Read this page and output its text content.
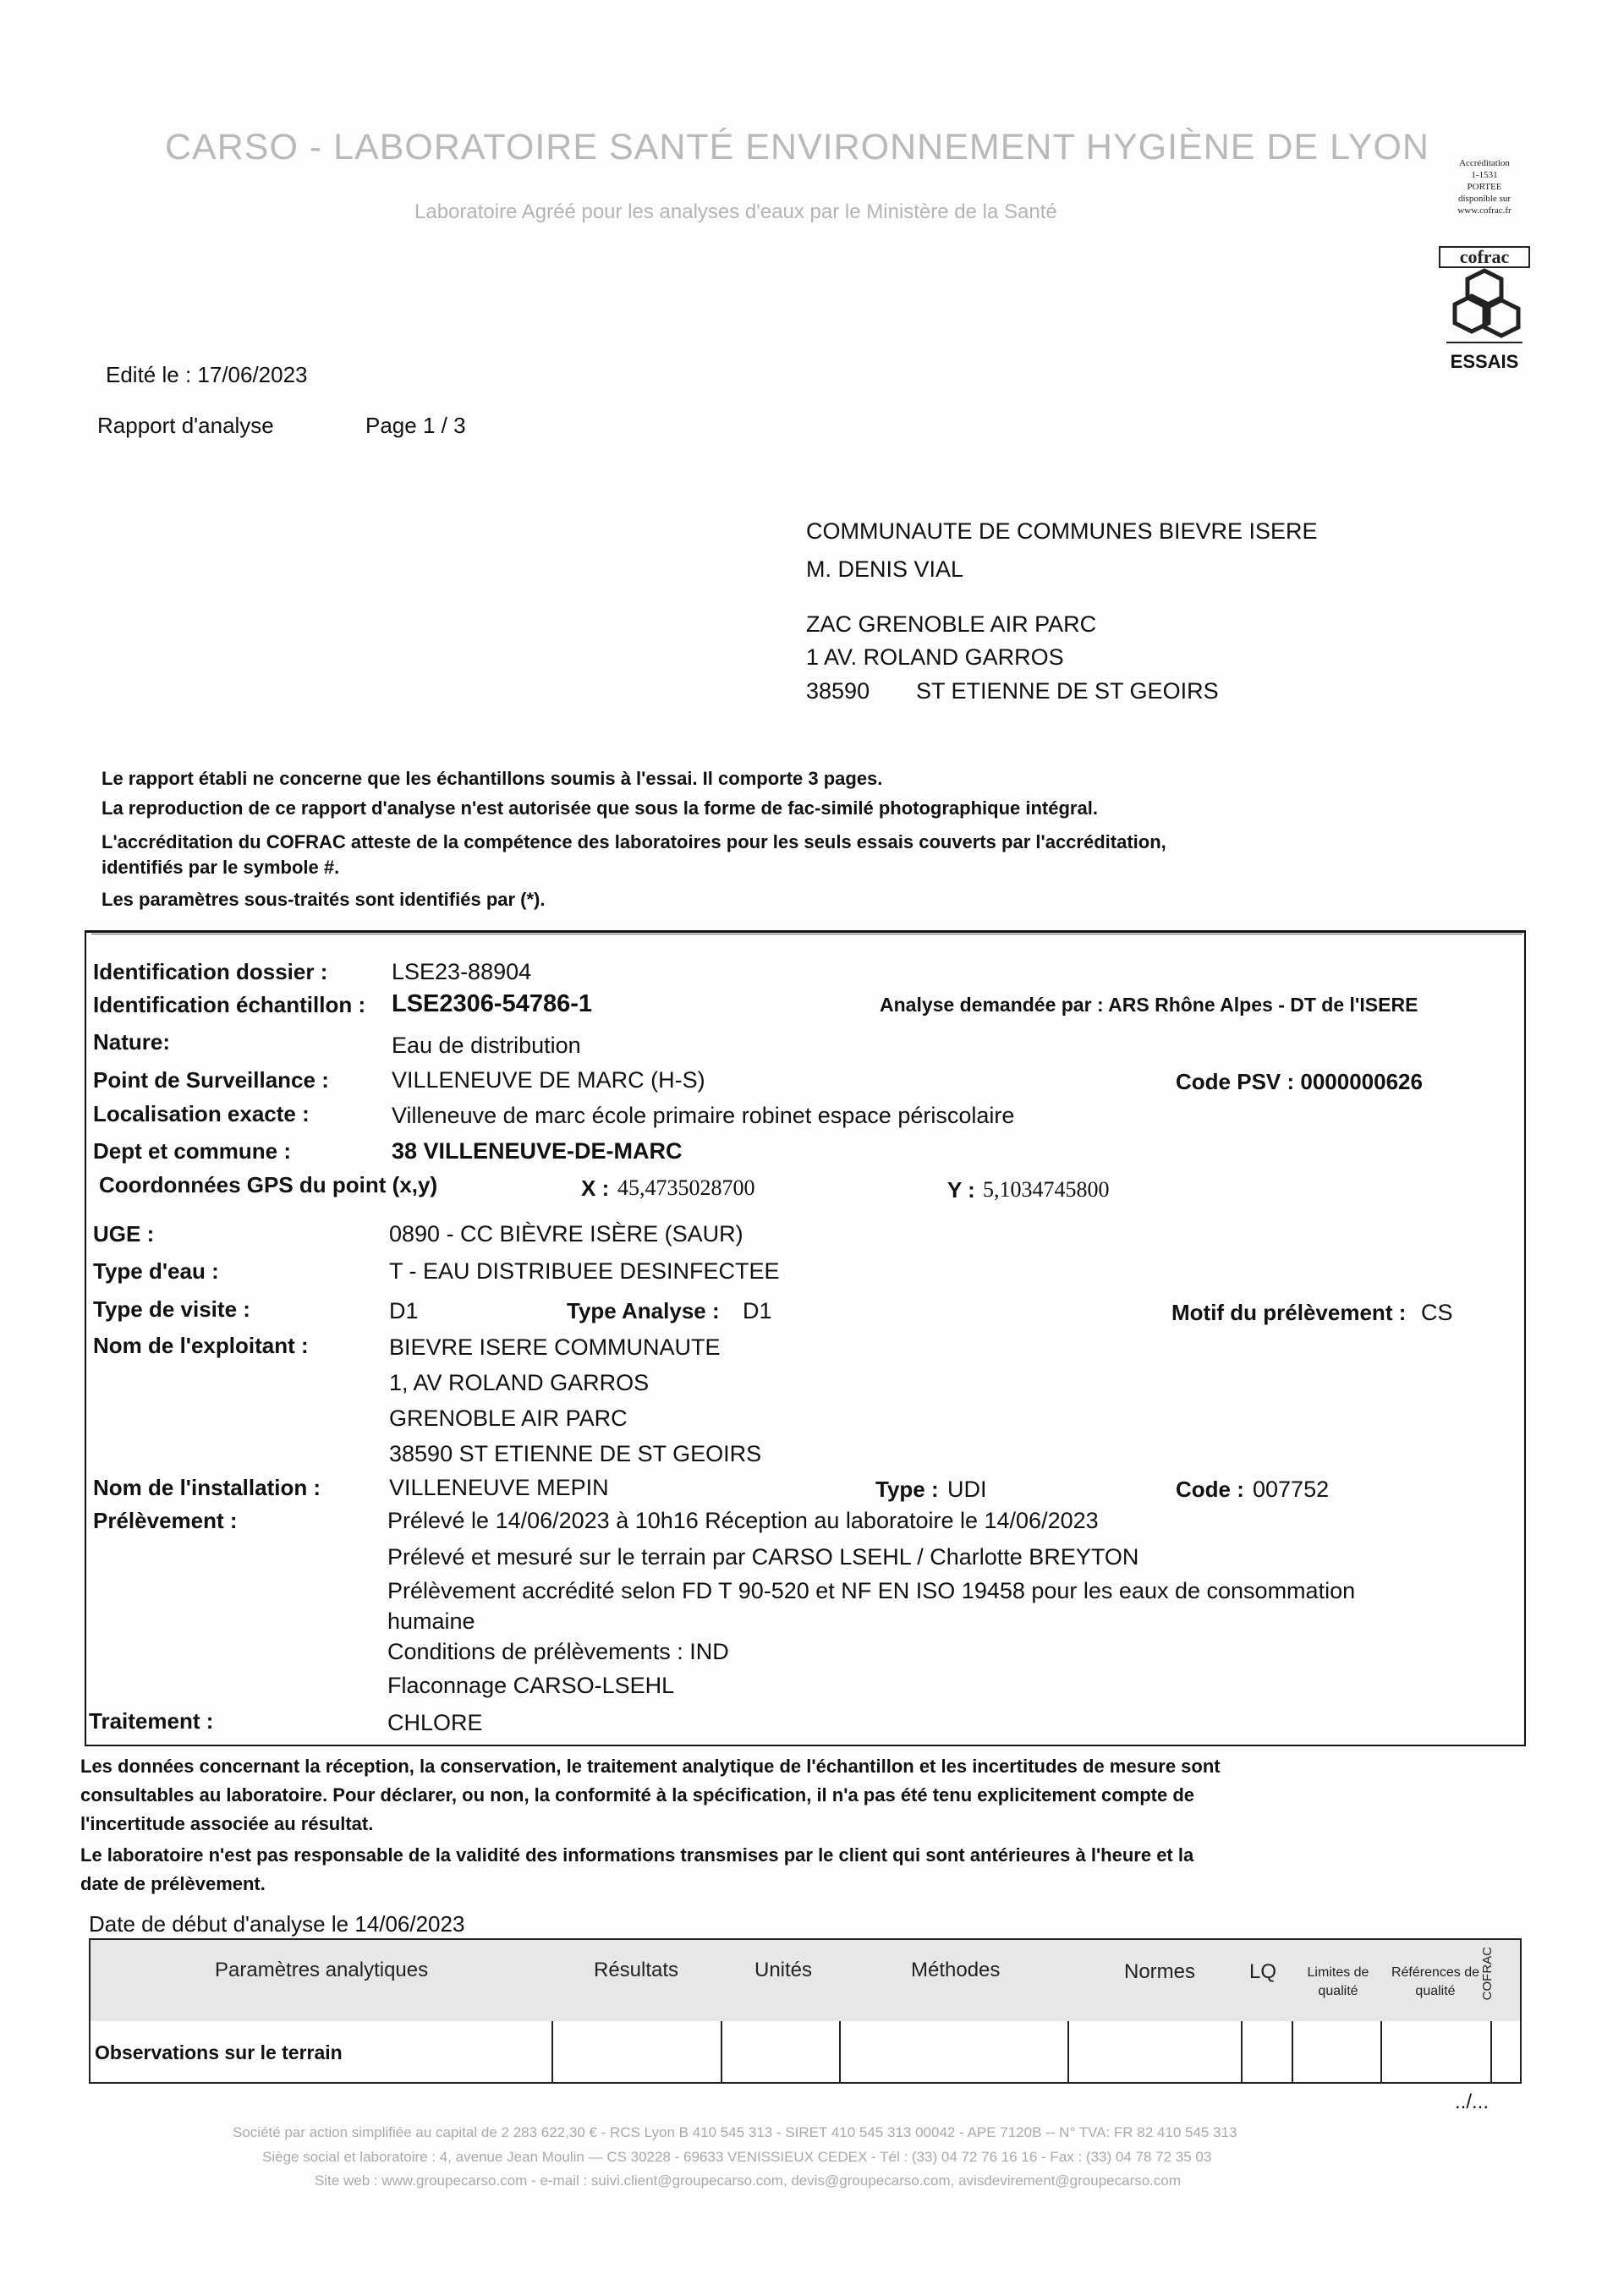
CARSO - LABORATOIRE SANTÉ ENVIRONNEMENT HYGIÈNE DE LYON
Laboratoire Agréé pour les analyses d'eaux par le Ministère de la Santé
Accréditation
1-1531
PORTEE
disponible sur
www.cofrac.fr
cofrac
ESSAIS
Edité le : 17/06/2023
Rapport d'analyse	Page 1 / 3
COMMUNAUTE DE COMMUNES BIEVRE ISERE
M. DENIS VIAL
ZAC GRENOBLE AIR PARC
1 AV. ROLAND GARROS
38590 ST ETIENNE DE ST GEOIRS
Le rapport établi ne concerne que les échantillons soumis à l'essai. Il comporte 3 pages.
La reproduction de ce rapport d'analyse n'est autorisée que sous la forme de fac-similé photographique intégral.
L'accréditation du COFRAC atteste de la compétence des laboratoires pour les seuls essais couverts par l'accréditation,
identifiés par le symbole #.
Les paramètres sous-traités sont identifiés par (*).
Identification dossier :	LSE23-88904
Identification échantillon : LSE2306-54786-1	Analyse demandée par : ARS Rhône Alpes - DT de l'ISERE
Nature:	Eau de distribution
Point de Surveillance :	VILLENEUVE DE MARC (H-S)	Code PSV : 0000000626
Localisation exacte :	Villeneuve de marc école primaire robinet espace périscolaire
Dept et commune :	38 VILLENEUVE-DE-MARC
Coordonnées GPS du point (x,y)	X : 45,4735028700	Y : 5,1034745800
UGE :	0890 - CC BIÈVRE ISÈRE (SAUR)
Type d'eau :	T - EAU DISTRIBUEE DESINFECTEE
Type de visite :	D1	Type Analyse : D1	Motif du prélèvement : CS
Nom de l'exploitant :	BIEVRE ISERE COMMUNAUTE
1, AV ROLAND GARROS
GRENOBLE AIR PARC
38590 ST ETIENNE DE ST GEOIRS
Nom de l'installation :	VILLENEUVE MEPIN	Type : UDI	Code : 007752
Prélèvement :	Prélevé le 14/06/2023 à 10h16 Réception au laboratoire le 14/06/2023
Prélevé et mesuré sur le terrain par CARSO LSEHL / Charlotte BREYTON
Prélèvement accrédité selon FD T 90-520 et NF EN ISO 19458 pour les eaux de consommation
humaine
Conditions de prélèvements : IND
Flaconnage CARSO-LSEHL
Traitement :	CHLORE
Les données concernant la réception, la conservation, le traitement analytique de l'échantillon et les incertitudes de mesure sont
consultables au laboratoire. Pour déclarer, ou non, la conformité à la spécification, il n'a pas été tenu explicitement compte de
l'incertitude associée au résultat.
Le laboratoire n'est pas responsable de la validité des informations transmises par le client qui sont antérieures à l'heure et la
date de prélèvement.
Date de début d'analyse le 14/06/2023
Paramètres analytiques	Résultats	Unités	Méthodes	Normes	LQ	Limites de
qualité
Références de
qualité	COFRAC
Observations sur le terrain
../...
Société par action simplifiée au capital de 2 283 622,30 € - RCS Lyon B 410 545 313 - SIRET 410 545 313 00042 - APE 7120B -- N° TVA: FR 82 410 545 313
Siège social et laboratoire : 4, avenue Jean Moulin — CS 30228 - 69633 VENISSIEUX CEDEX - Tél : (33) 04 72 76 16 16 - Fax : (33) 04 78 72 35 03
Site web : www.groupecarso.com - e-mail : suivi.client@groupecarso.com, devis@groupecarso.com, avisdevirement@groupecarso.com
